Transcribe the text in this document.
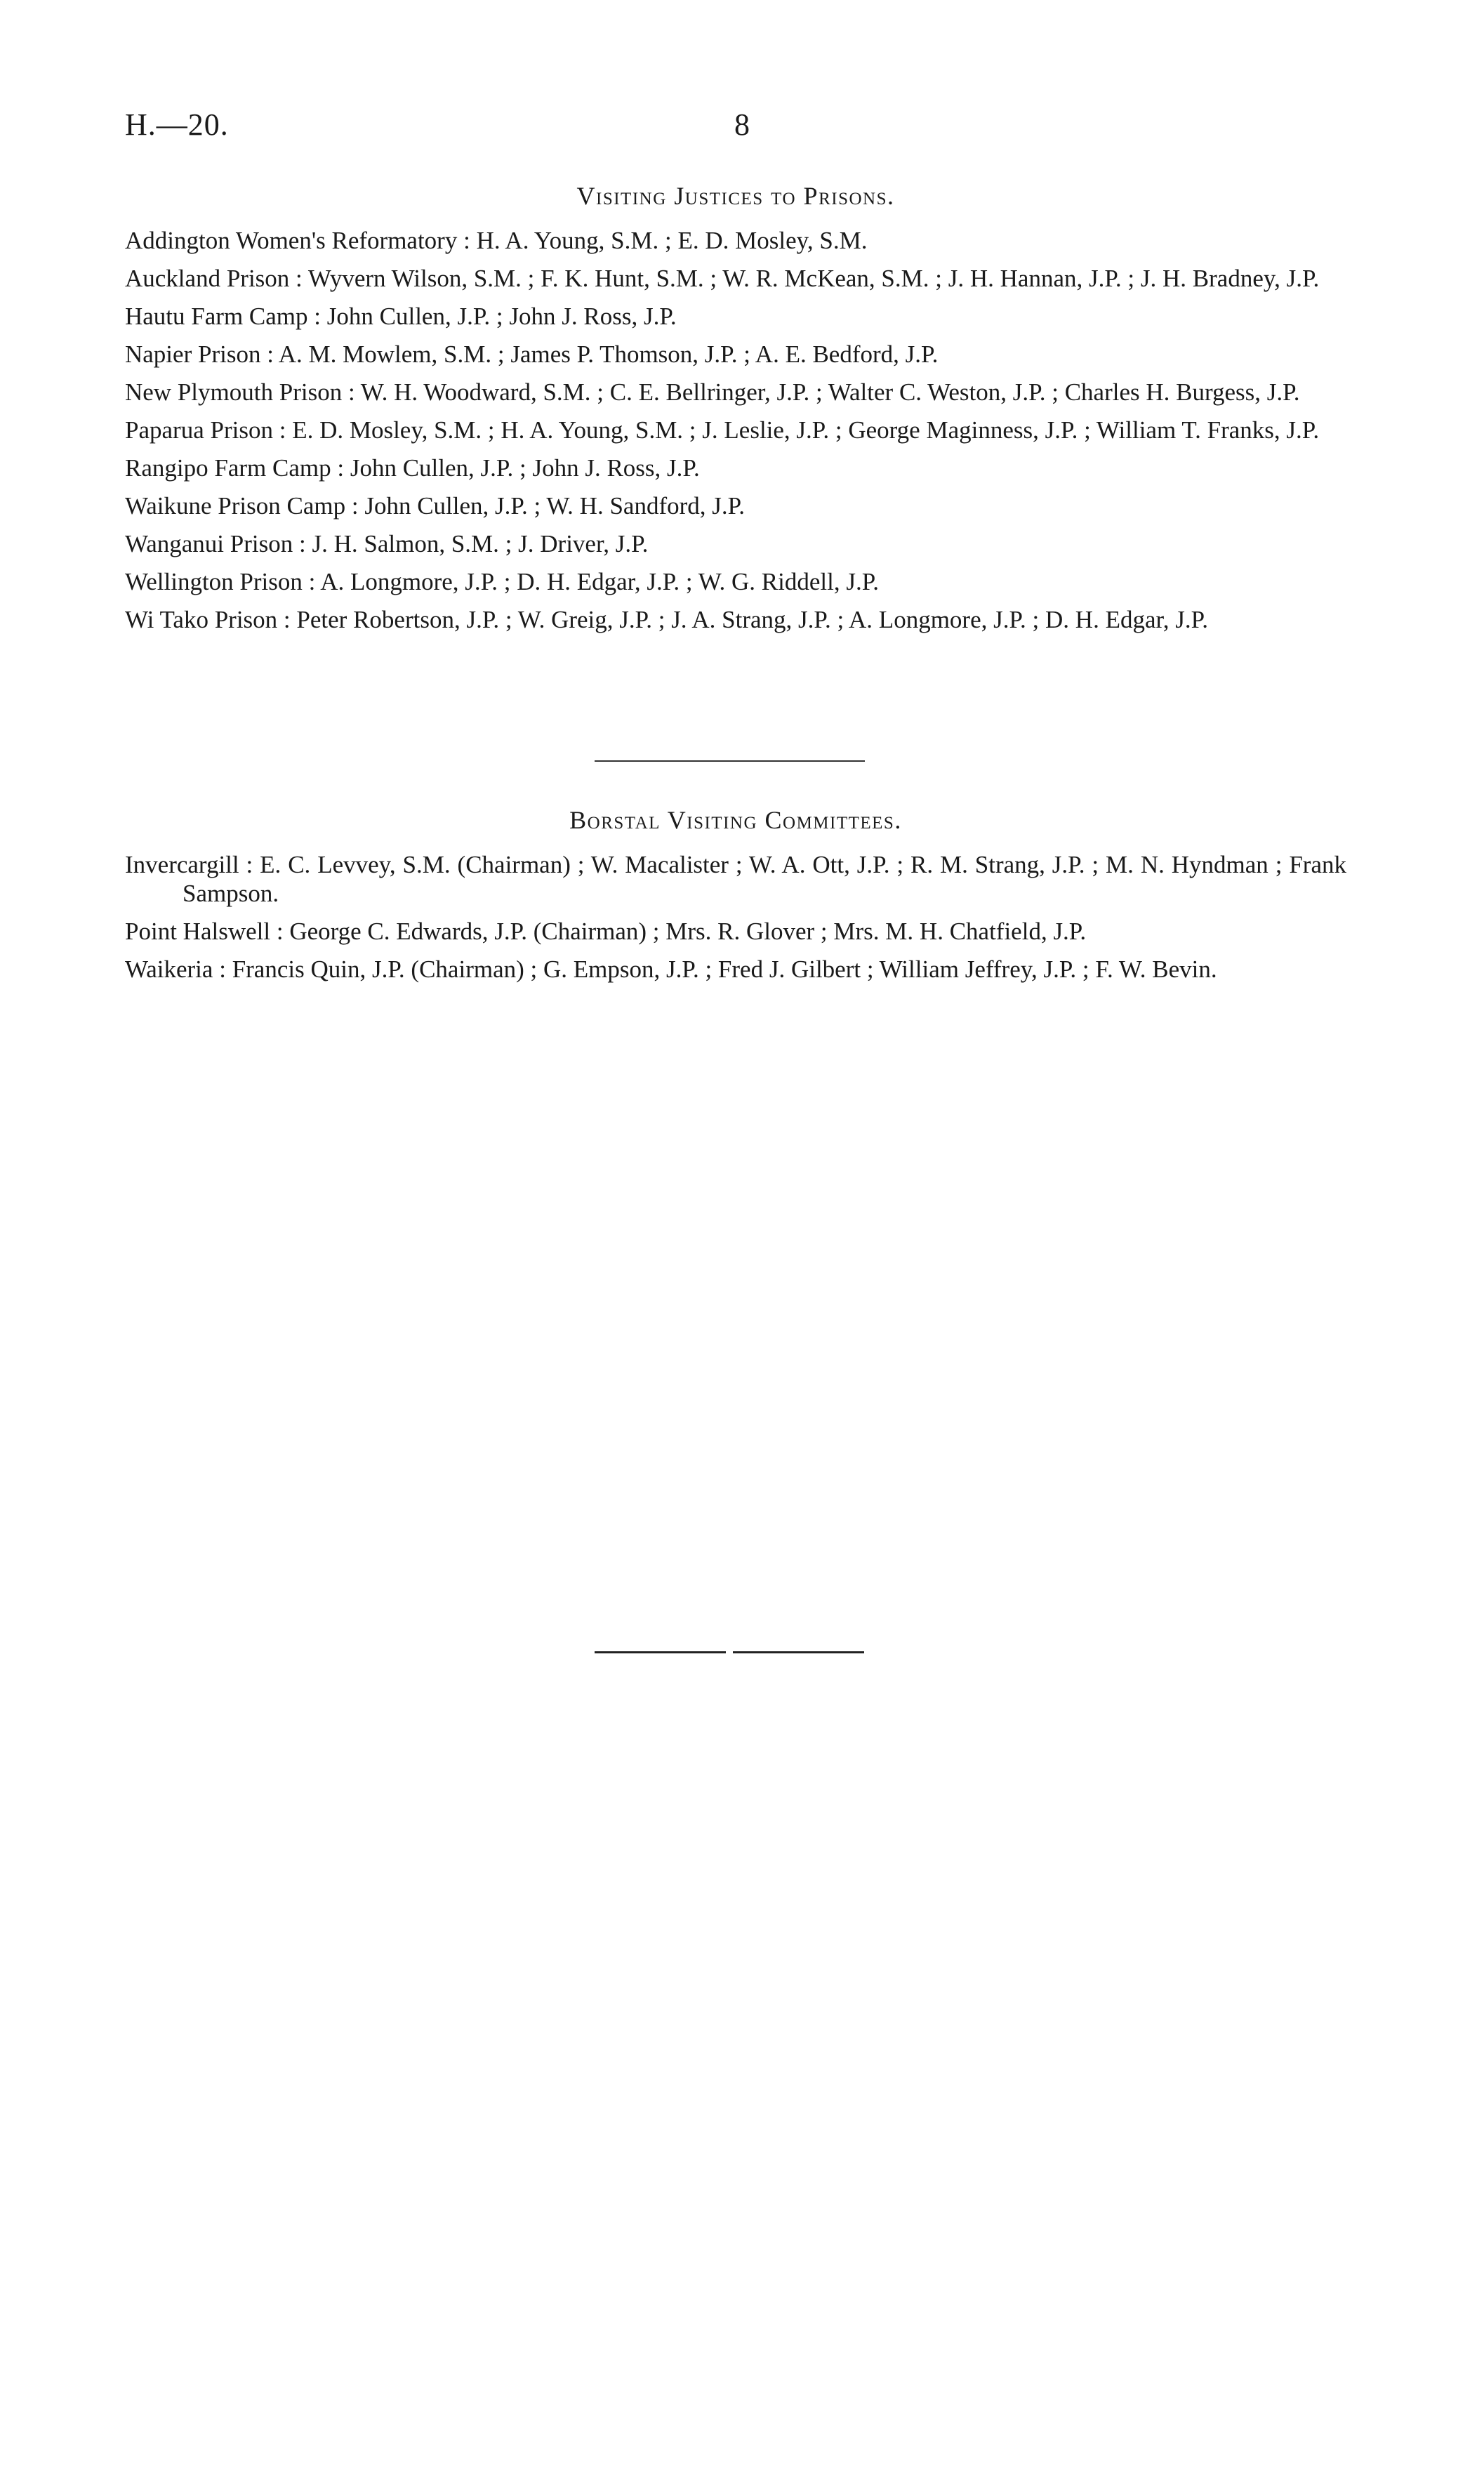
H.—20.	8
Visiting Justices to Prisons.
Addington Women's Reformatory : H. A. Young, S.M. ; E. D. Mosley, S.M.
Auckland Prison : Wyvern Wilson, S.M. ; F. K. Hunt, S.M. ; W. R. McKean, S.M. ; J. H. Hannan, J.P. ; J. H. Bradney, J.P.
Hautu Farm Camp : John Cullen, J.P. ; John J. Ross, J.P.
Napier Prison : A. M. Mowlem, S.M. ; James P. Thomson, J.P. ; A. E. Bedford, J.P.
New Plymouth Prison : W. H. Woodward, S.M. ; C. E. Bellringer, J.P. ; Walter C. Weston, J.P. ; Charles H. Burgess, J.P.
Paparua Prison : E. D. Mosley, S.M. ; H. A. Young, S.M. ; J. Leslie, J.P. ; George Maginness, J.P. ; William T. Franks, J.P.
Rangipo Farm Camp : John Cullen, J.P. ; John J. Ross, J.P.
Waikune Prison Camp : John Cullen, J.P. ; W. H. Sandford, J.P.
Wanganui Prison : J. H. Salmon, S.M. ; J. Driver, J.P.
Wellington Prison : A. Longmore, J.P. ; D. H. Edgar, J.P. ; W. G. Riddell, J.P.
Wi Tako Prison : Peter Robertson, J.P. ; W. Greig, J.P. ; J. A. Strang, J.P. ; A. Longmore, J.P. ; D. H. Edgar, J.P.
Borstal Visiting Committees.
Invercargill : E. C. Levvey, S.M. (Chairman) ; W. Macalister ; W. A. Ott, J.P. ; R. M. Strang, J.P. ; M. N. Hyndman ; Frank Sampson.
Point Halswell : George C. Edwards, J.P. (Chairman) ; Mrs. R. Glover ; Mrs. M. H. Chatfield, J.P.
Waikeria : Francis Quin, J.P. (Chairman) ; G. Empson, J.P. ; Fred J. Gilbert ; William Jeffrey, J.P. ; F. W. Bevin.
